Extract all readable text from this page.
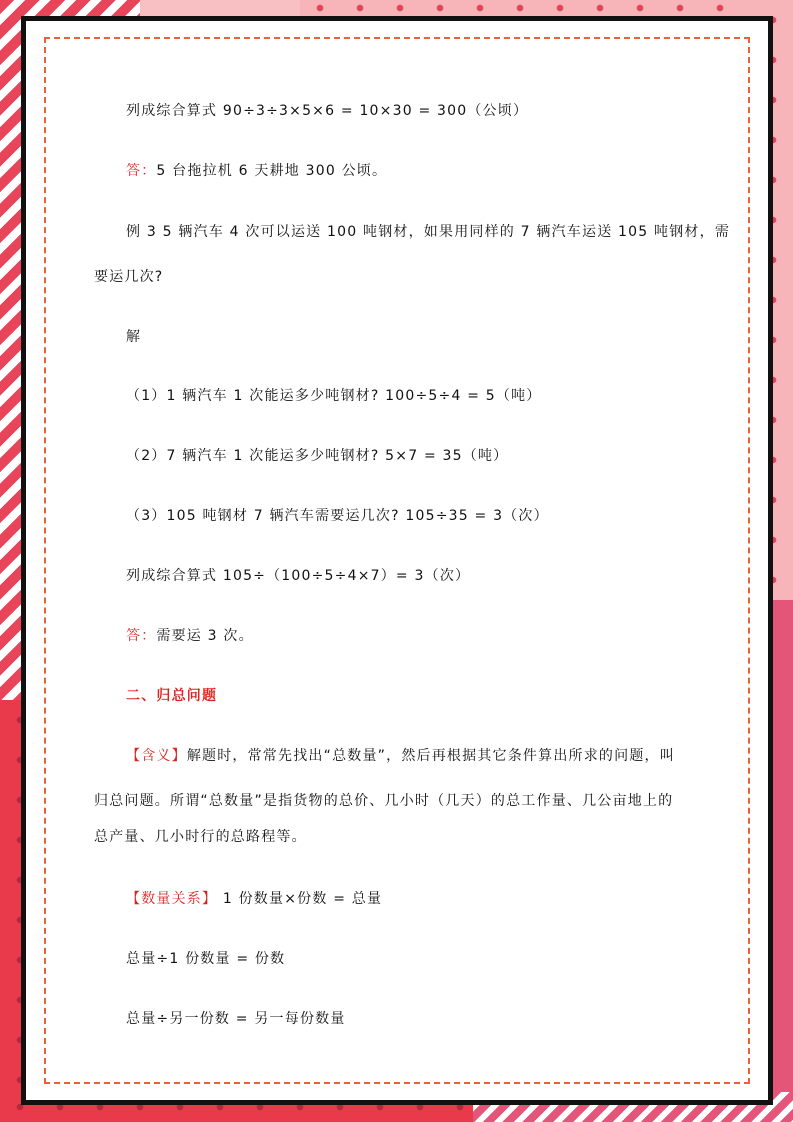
列成综合算式 90÷3÷3×5×6 = 10×30 = 300（公顷）
答：5 台拖拉机 6 天耕地 300 公顷。
例 3 5 辆汽车 4 次可以运送 100 吨钢材，如果用同样的 7 辆汽车运送 105 吨钢材，需
要运几次?
解
（1）1 辆汽车 1 次能运多少吨钢材? 100÷5÷4 = 5（吨）
（2）7 辆汽车 1 次能运多少吨钢材? 5×7 = 35（吨）
（3）105 吨钢材 7 辆汽车需要运几次? 105÷35 = 3（次）
列成综合算式 105÷（100÷5÷4×7）= 3（次）
答：需要运 3 次。
二、归总问题
【含义】解题时，常常先找出“总数量”，然后再根据其它条件算出所求的问题，叫
归总问题。所谓“总数量”是指货物的总价、几小时（几天）的总工作量、几公亩地上的
总产量、几小时行的总路程等。
【数量关系】 1 份数量×份数 = 总量
总量÷1 份数量 = 份数
总量÷另一份数 = 另一每份数量
